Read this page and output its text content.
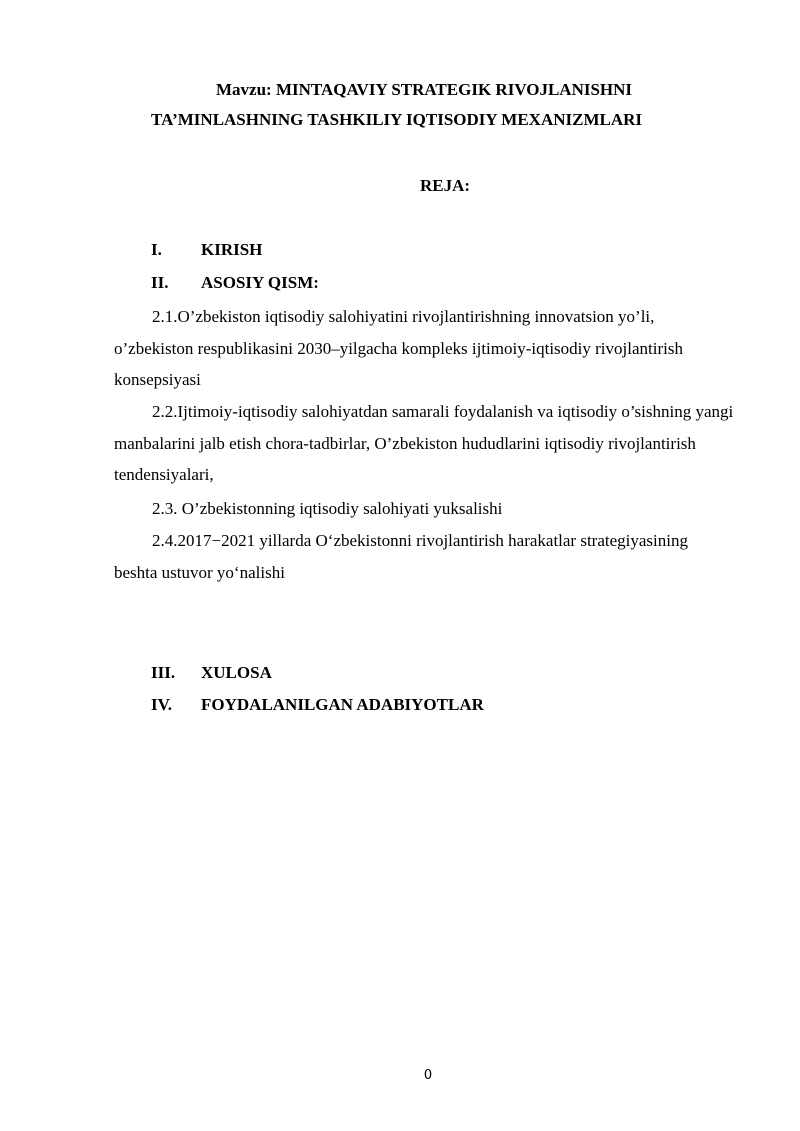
Mavzu: MINTAQAVIY STRATEGIK RIVOJLANISHNI
TA’MINLASHNING TASHKILIY IQTISODIY MEXANIZMLARI
REJA:
I. KIRISH
II. ASOSIY QISM:
2.1.O’zbekiston iqtisodiy salohiyatini rivojlantirishning innovatsion yo’li, o’zbekiston respublikasini 2030–yilgacha kompleks ijtimoiy-iqtisodiy rivojlantirish konsepsiyasi
2.2.Ijtimoiy-iqtisodiy salohiyatdan samarali foydalanish va iqtisodiy o’sishning yangi manbalarini jalb etish chora-tadbirlar, O’zbekiston hududlarini iqtisodiy rivojlantirish tendensiyalari,
2.3. O’zbekistonning iqtisodiy salohiyati yuksalishi
2.4.2017−2021 yillarda O‘zbekistonni rivojlantirish harakatlar strategiyasining beshta ustuvor yo‘nalishi
III. XULOSA
IV. FOYDALANILGAN ADABIYOTLAR
0
